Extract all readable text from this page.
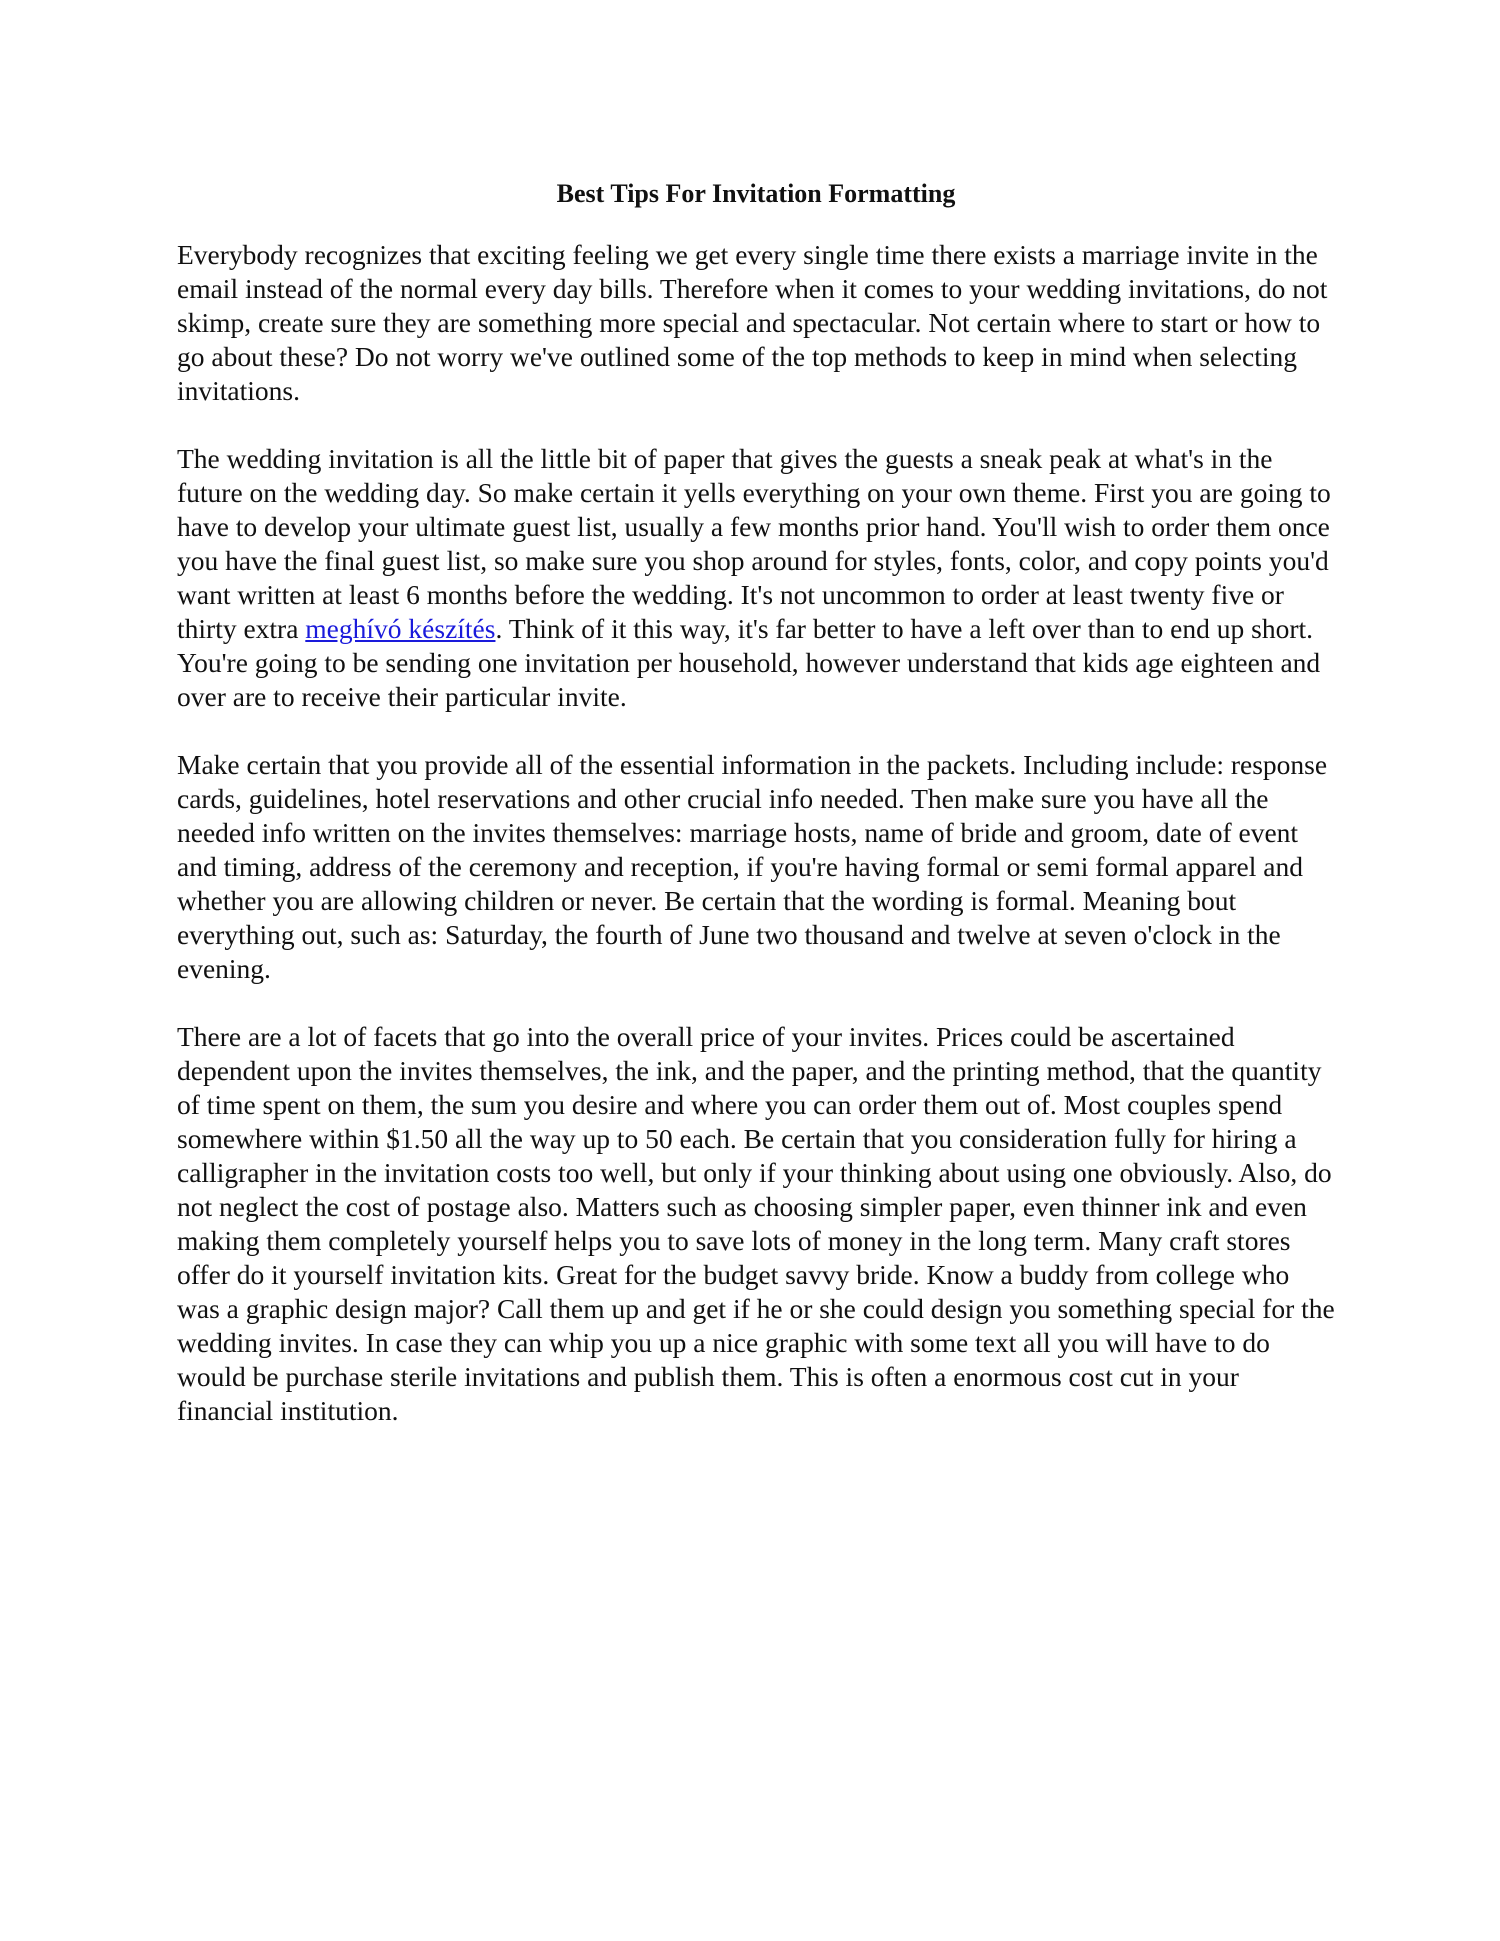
Best Tips For Invitation Formatting

Everybody recognizes that exciting feeling we get every single time there exists a marriage invite in the email instead of the normal every day bills. Therefore when it comes to your wedding invitations, do not skimp, create sure they are something more special and spectacular. Not certain where to start or how to go about these? Do not worry we've outlined some of the top methods to keep in mind when selecting invitations.

The wedding invitation is all the little bit of paper that gives the guests a sneak peak at what's in the future on the wedding day. So make certain it yells everything on your own theme. First you are going to have to develop your ultimate guest list, usually a few months prior hand. You'll wish to order them once you have the final guest list, so make sure you shop around for styles, fonts, color, and copy points you'd want written at least 6 months before the wedding. It's not uncommon to order at least twenty five or thirty extra meghívó készítés. Think of it this way, it's far better to have a left over than to end up short. You're going to be sending one invitation per household, however understand that kids age eighteen and over are to receive their particular invite.

Make certain that you provide all of the essential information in the packets. Including include: response cards, guidelines, hotel reservations and other crucial info needed. Then make sure you have all the needed info written on the invites themselves: marriage hosts, name of bride and groom, date of event and timing, address of the ceremony and reception, if you're having formal or semi formal apparel and whether you are allowing children or never. Be certain that the wording is formal. Meaning bout everything out, such as: Saturday, the fourth of June two thousand and twelve at seven o'clock in the evening.

There are a lot of facets that go into the overall price of your invites. Prices could be ascertained dependent upon the invites themselves, the ink, and the paper, and the printing method, that the quantity of time spent on them, the sum you desire and where you can order them out of. Most couples spend somewhere within $1.50 all the way up to 50 each. Be certain that you consideration fully for hiring a calligrapher in the invitation costs too well, but only if your thinking about using one obviously. Also, do not neglect the cost of postage also. Matters such as choosing simpler paper, even thinner ink and even making them completely yourself helps you to save lots of money in the long term. Many craft stores offer do it yourself invitation kits. Great for the budget savvy bride. Know a buddy from college who was a graphic design major? Call them up and get if he or she could design you something special for the wedding invites. In case they can whip you up a nice graphic with some text all you will have to do would be purchase sterile invitations and publish them. This is often a enormous cost cut in your financial institution.
